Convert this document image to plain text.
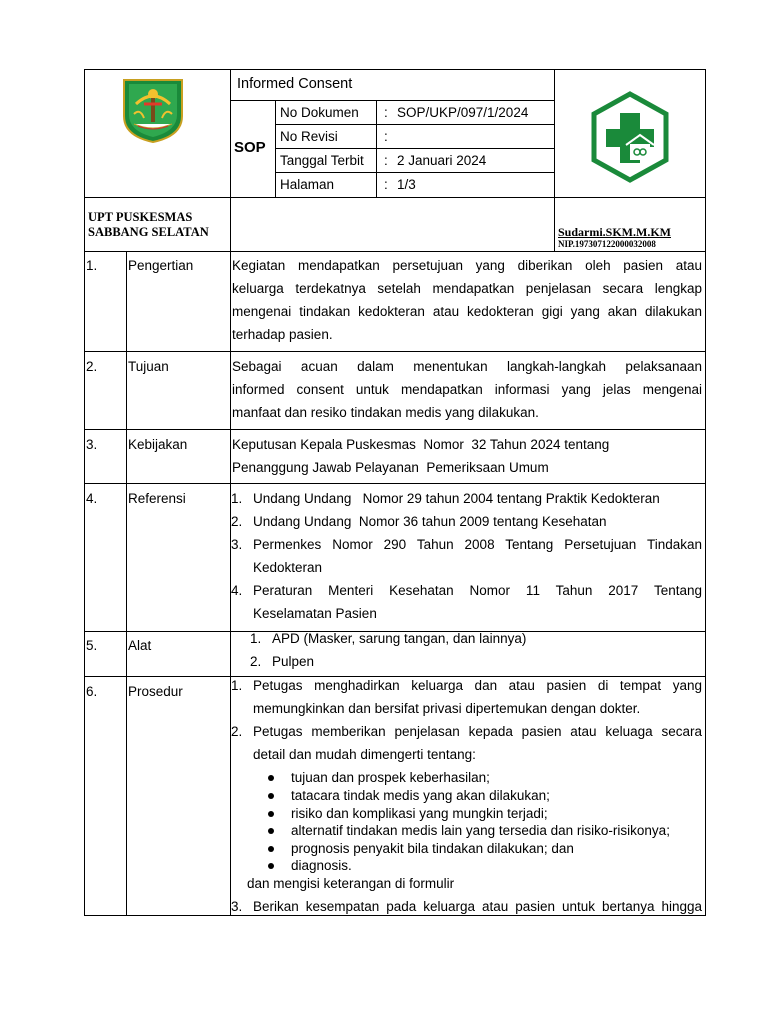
Informed Consent
SOP
No Dokumen : SOP/UKP/097/1/2024
No Revisi	:
Tanggal Terbit : 2 Januari 2024
Halaman	: 1/3
UPT PUSKESMAS
SABBANG SELATAN	Sudarmi.SKM.M.KM
NIP.197307122000032008
1. Pengertian	Kegiatan mendapatkan persetujuan yang diberikan oleh pasien atau
keluarga terdekatnya setelah mendapatkan penjelasan secara lengkap
mengenai tindakan kedokteran atau kedokteran gigi yang akan dilakukan
terhadap pasien.
2. Tujuan	Sebagai acuan dalam menentukan langkah-langkah pelaksanaan
informed consent untuk mendapatkan informasi yang jelas mengenai
manfaat dan resiko tindakan medis yang dilakukan.
3. Kebijakan	Keputusan Kepala Puskesmas  Nomor  32 Tahun 2024 tentang
Penanggung Jawab Pelayanan  Pemeriksaan Umum
4. Referensi	1. Undang Undang   Nomor 29 tahun 2004 tentang Praktik Kedokteran
2. Undang Undang  Nomor 36 tahun 2009 tentang Kesehatan
3. Permenkes Nomor 290 Tahun 2008 Tentang Persetujuan Tindakan
Kedokteran
4. Peraturan Menteri Kesehatan Nomor 11 Tahun 2017 Tentang
Keselamatan Pasien
5. Alat	1. APD (Masker, sarung tangan, dan lainnya)
2. Pulpen
6. Prosedur	1. Petugas menghadirkan keluarga dan atau pasien di tempat yang
memungkinkan dan bersifat privasi dipertemukan dengan dokter.
2. Petugas memberikan penjelasan kepada pasien atau keluaga secara
detail dan mudah dimengerti tentang:
tujuan dan prospek keberhasilan;
tatacara tindak medis yang akan dilakukan;
risiko dan komplikasi yang mungkin terjadi;
alternatif tindakan medis lain yang tersedia dan risiko-risikonya;
prognosis penyakit bila tindakan dilakukan; dan
diagnosis.
dan mengisi keterangan di formulir
3. Berikan kesempatan pada keluarga atau pasien untuk bertanya hingga
